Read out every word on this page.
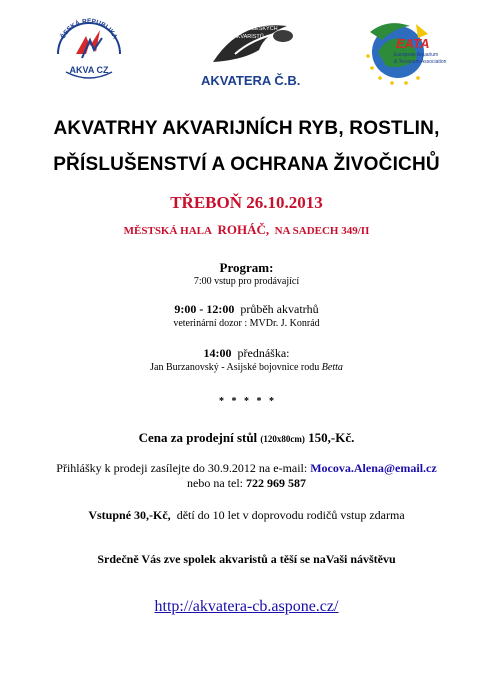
ČESKÁ REPUBLIKA
AKVA CZ
SPOLEK JIHOČESKÝCH
AKVARISTŮ
AKVATERA Č.B.
EATA
European Aquarium
& Terrarium Association
AKVATRHY AKVARIJNÍCH RYB, ROSTLIN,
PŘÍSLUŠENSTVÍ A OCHRANA ŽIVOČICHŮ
TŘEBOŇ 26.10.2013
MĚSTSKÁ HALA ROHÁČ, NA SADECH 349/II
Program:
7:00 vstup pro prodávající
9:00 - 12:00 průběh akvatrhů
veterinární dozor : MVDr. J. Konrád
14:00 přednáška:
Jan Burzanovský - Asijské bojovnice rodu Betta
*   *   *   *   *
Cena za prodejní stůl (120x80cm) 150,-Kč.
Přihlášky k prodeji zasílejte do 30.9.2012 na e-mail: Mocova.Alena@email.cz
nebo na tel: 722 969 587
Vstupné 30,-Kč, dětí do 10 let v doprovodu rodičů vstup zdarma
Srdečně Vás zve spolek akvaristů a těší se naVaši návštěvu
http://akvatera-cb.aspone.cz/
